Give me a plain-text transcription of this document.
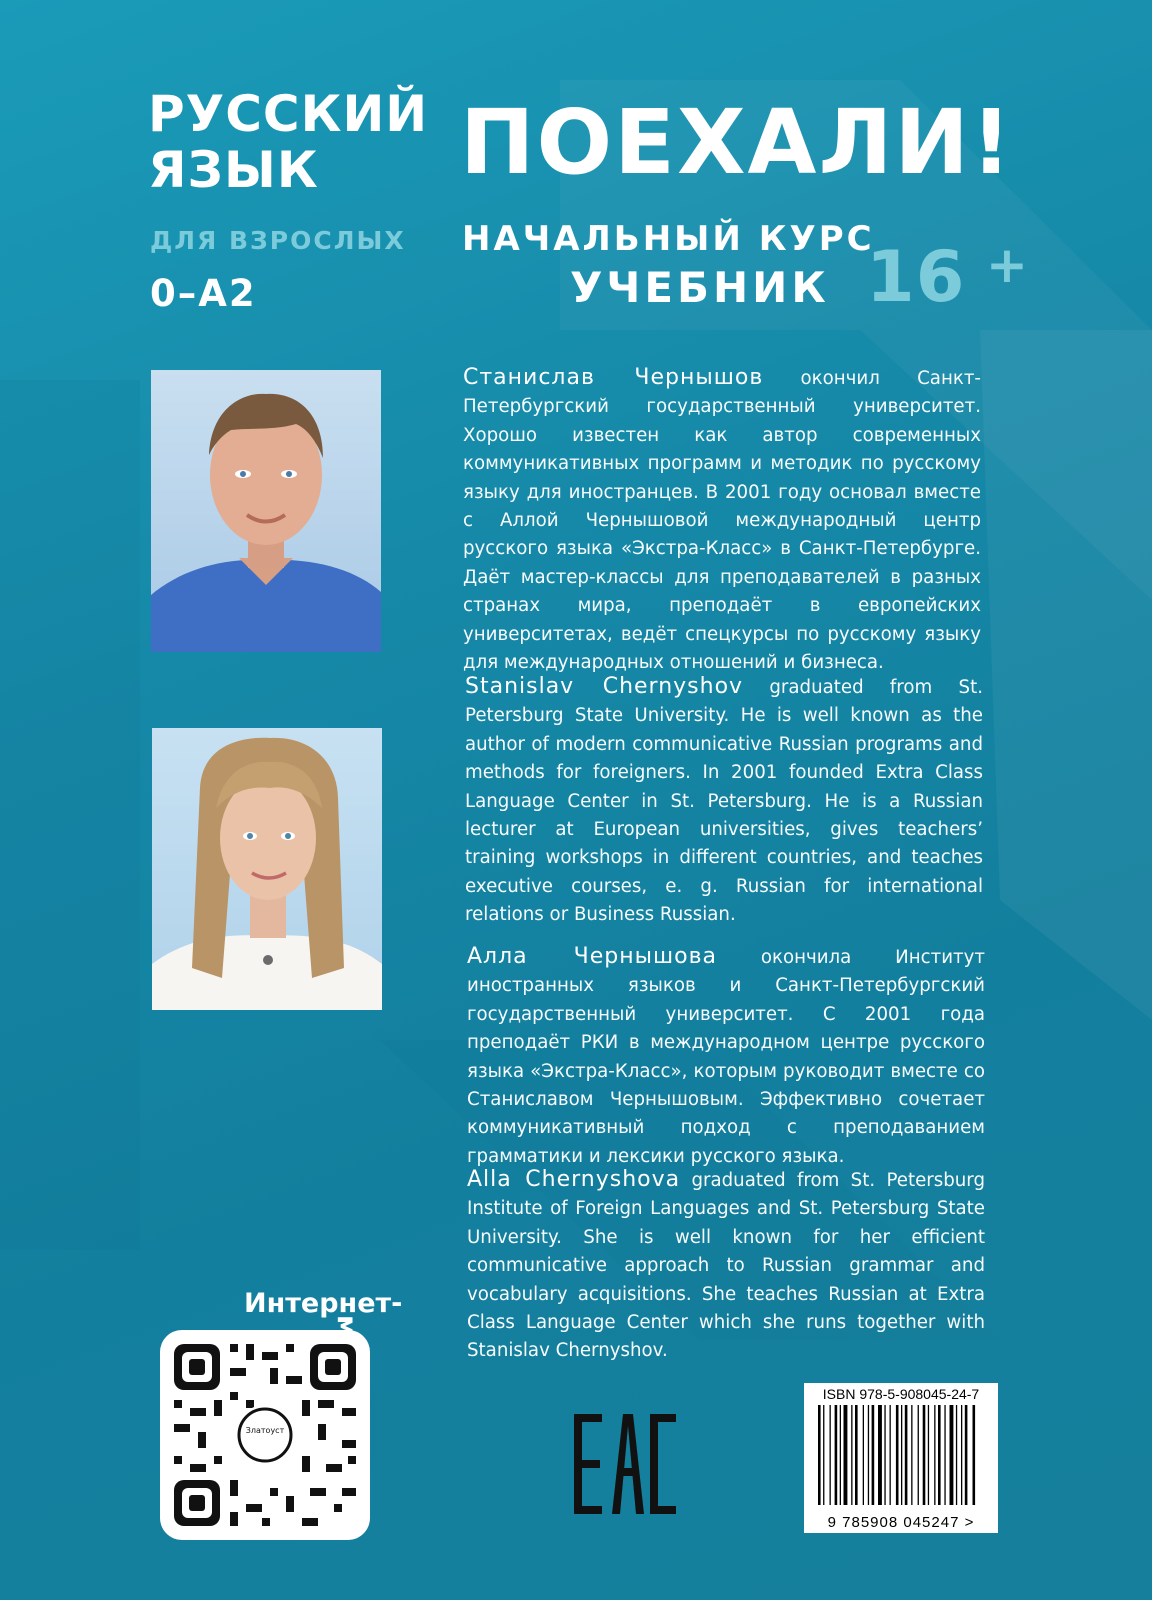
РУССКИЙ
ЯЗЫК
ДЛЯ ВЗРОСЛЫХ
0–A2
ПОЕХАЛИ!
НАЧАЛЬНЫЙ КУРС
УЧЕБНИК 16 +

Станислав Чернышов окончил Санкт-Петербургский государственный университет. Хорошо известен как автор современных коммуникативных программ и методик по русскому языку для иностранцев. В 2001 году основал вместе с Аллой Чернышовой международный центр русского языка «Экстра-Класс» в Санкт-Петербурге. Даёт мастер-классы для преподавателей в разных странах мира, преподаёт в европейских университетах, ведёт спецкурсы по русскому языку для международных отношений и бизнеса.

Stanislav Chernyshov graduated from St. Petersburg State University. He is well known as the author of modern communicative Russian programs and methods for foreigners. In 2001 founded Extra Class Language Center in St. Petersburg. He is a Russian lecturer at European universities, gives teachers’ training workshops in different countries, and teaches executive courses, e. g. Russian for international relations or Business Russian.

Алла Чернышова окончила Институт иностранных языков и Санкт-Петербургский государственный университет. С 2001 года преподаёт РКИ в международном центре русского языка «Экстра-Класс», которым руководит вместе со Станиславом Чернышовым. Эффективно сочетает коммуникативный подход с преподаванием грамматики и лексики русского языка.

Alla Chernyshova graduated from St. Petersburg Institute of Foreign Languages and St. Petersburg State University. She is well known for her efficient communicative approach to Russian grammar and vocabulary acquisitions. She teaches Russian at Extra Class Language Center which she runs together with Stanislav Chernyshov.

Интернет-
Златоуст
ISBN 978-5-908045-24-7
9 785908 045247 >
